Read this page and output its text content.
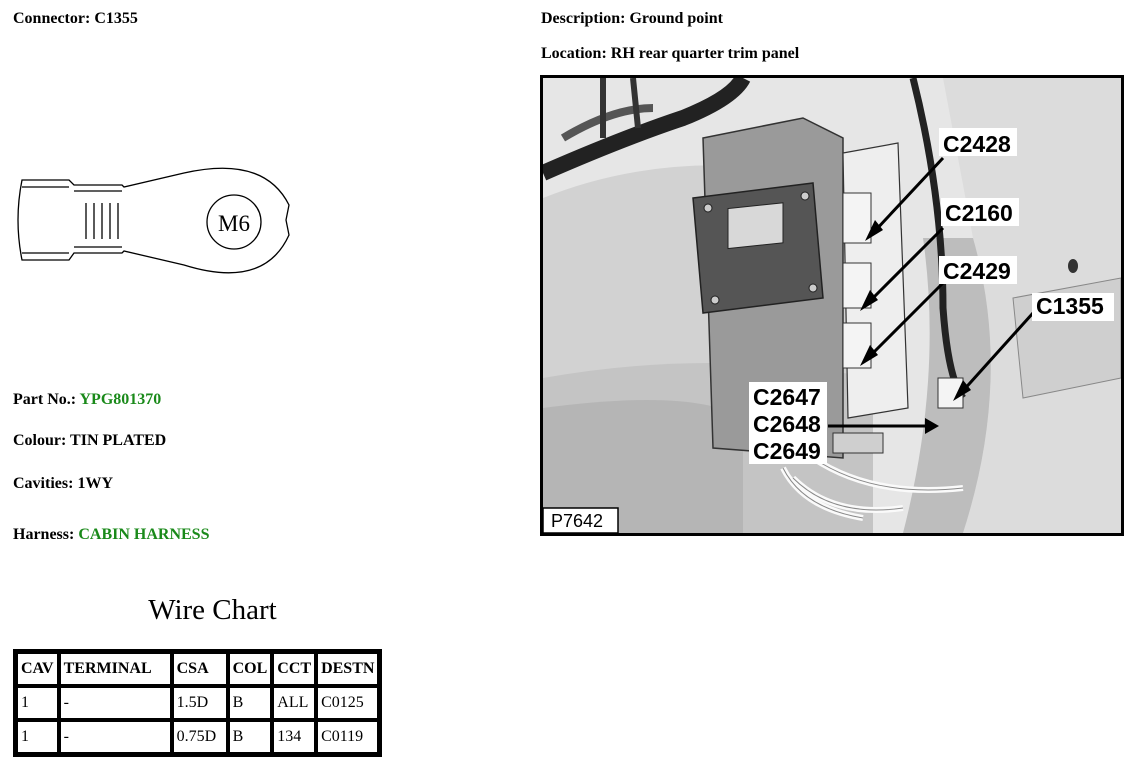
Connector: C1355	Description: Ground point
Location: RH rear quarter trim panel
M6
Part No.: YPG801370
Colour: TIN PLATED
Cavities: 1WY
Harness: CABIN HARNESS
Wire Chart
CAV	TERMINAL	CSA	COL	CCT	DESTN
1	-	1.5D	B	ALL	C0125
1	-	0.75D	B	134	C0119
C2428
C2160
C2429
C1355
C2647
C2648
C2649
P7642
